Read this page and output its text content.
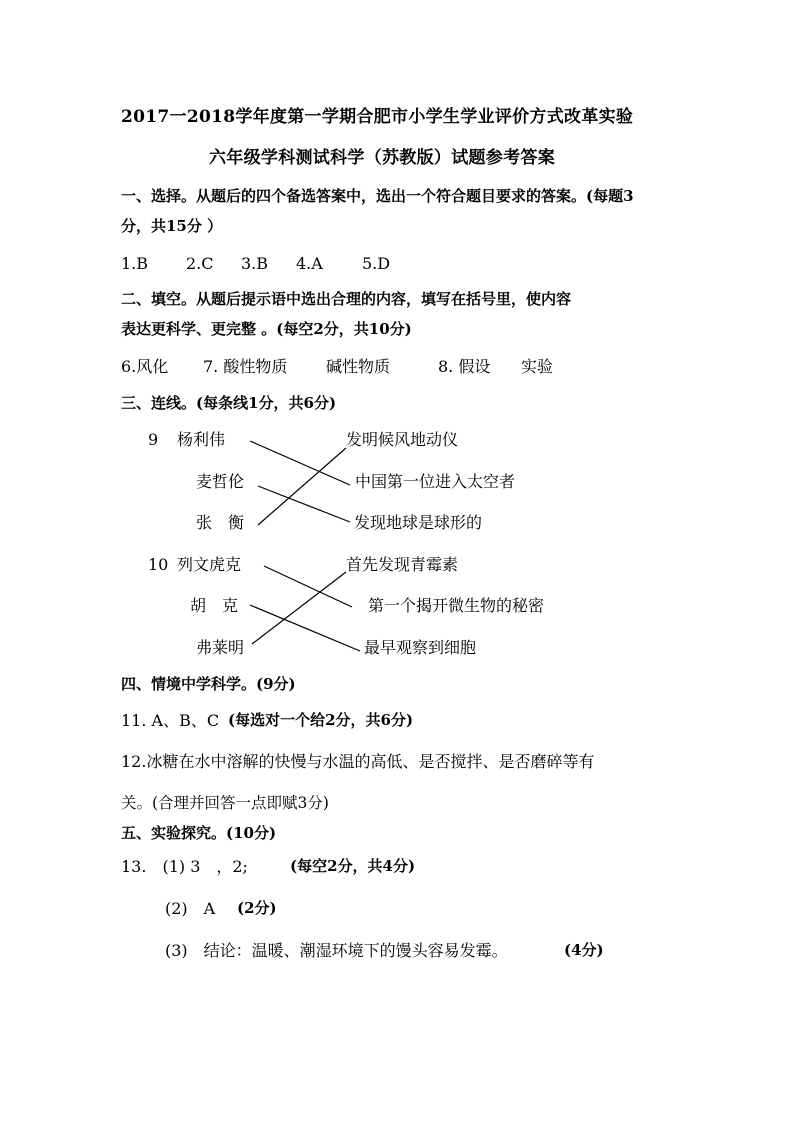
2017一2018学年度第一学期合肥市小学生学业评价方式改革实验
六年级学科测试科学（苏教版）试题参考答案
一、选择。从题后的四个备选答案中，选出一个符合题目要求的答案。(每题3
分，共15分 ）
1.B 2.C 3.B 4.A 5.D
二、填空。从题后提示语中选出合理的内容，填写在括号里，使内容
表达更科学、更完整 。(每空2分，共10分)
6.风化 7. 酸性物质 碱性物质	8. 假设 实验
三、连线。(每条线1分，共6分)
9 杨利伟
麦哲伦
张　衡
发明候风地动仪
中国第一位进入太空者
发现地球是球形的
10 列文虎克
胡　克
弗莱明
首先发现青霉素
第一个揭开微生物的秘密
最早观察到细胞
四、情境中学科学。(9分)
11. A、B、C (每选对一个给2分，共6分)
12.冰糖在水中溶解的快慢与水温的高低、是否搅拌、是否磨碎等有
关。(合理并回答一点即赋3分)
五、实验探究。(10分)
13.　(1) 3　，2;	(每空2分，共4分)
(2)　A (2分)
(3)　结论：温暖、潮湿环境下的馒头容易发霉。	(4分)
